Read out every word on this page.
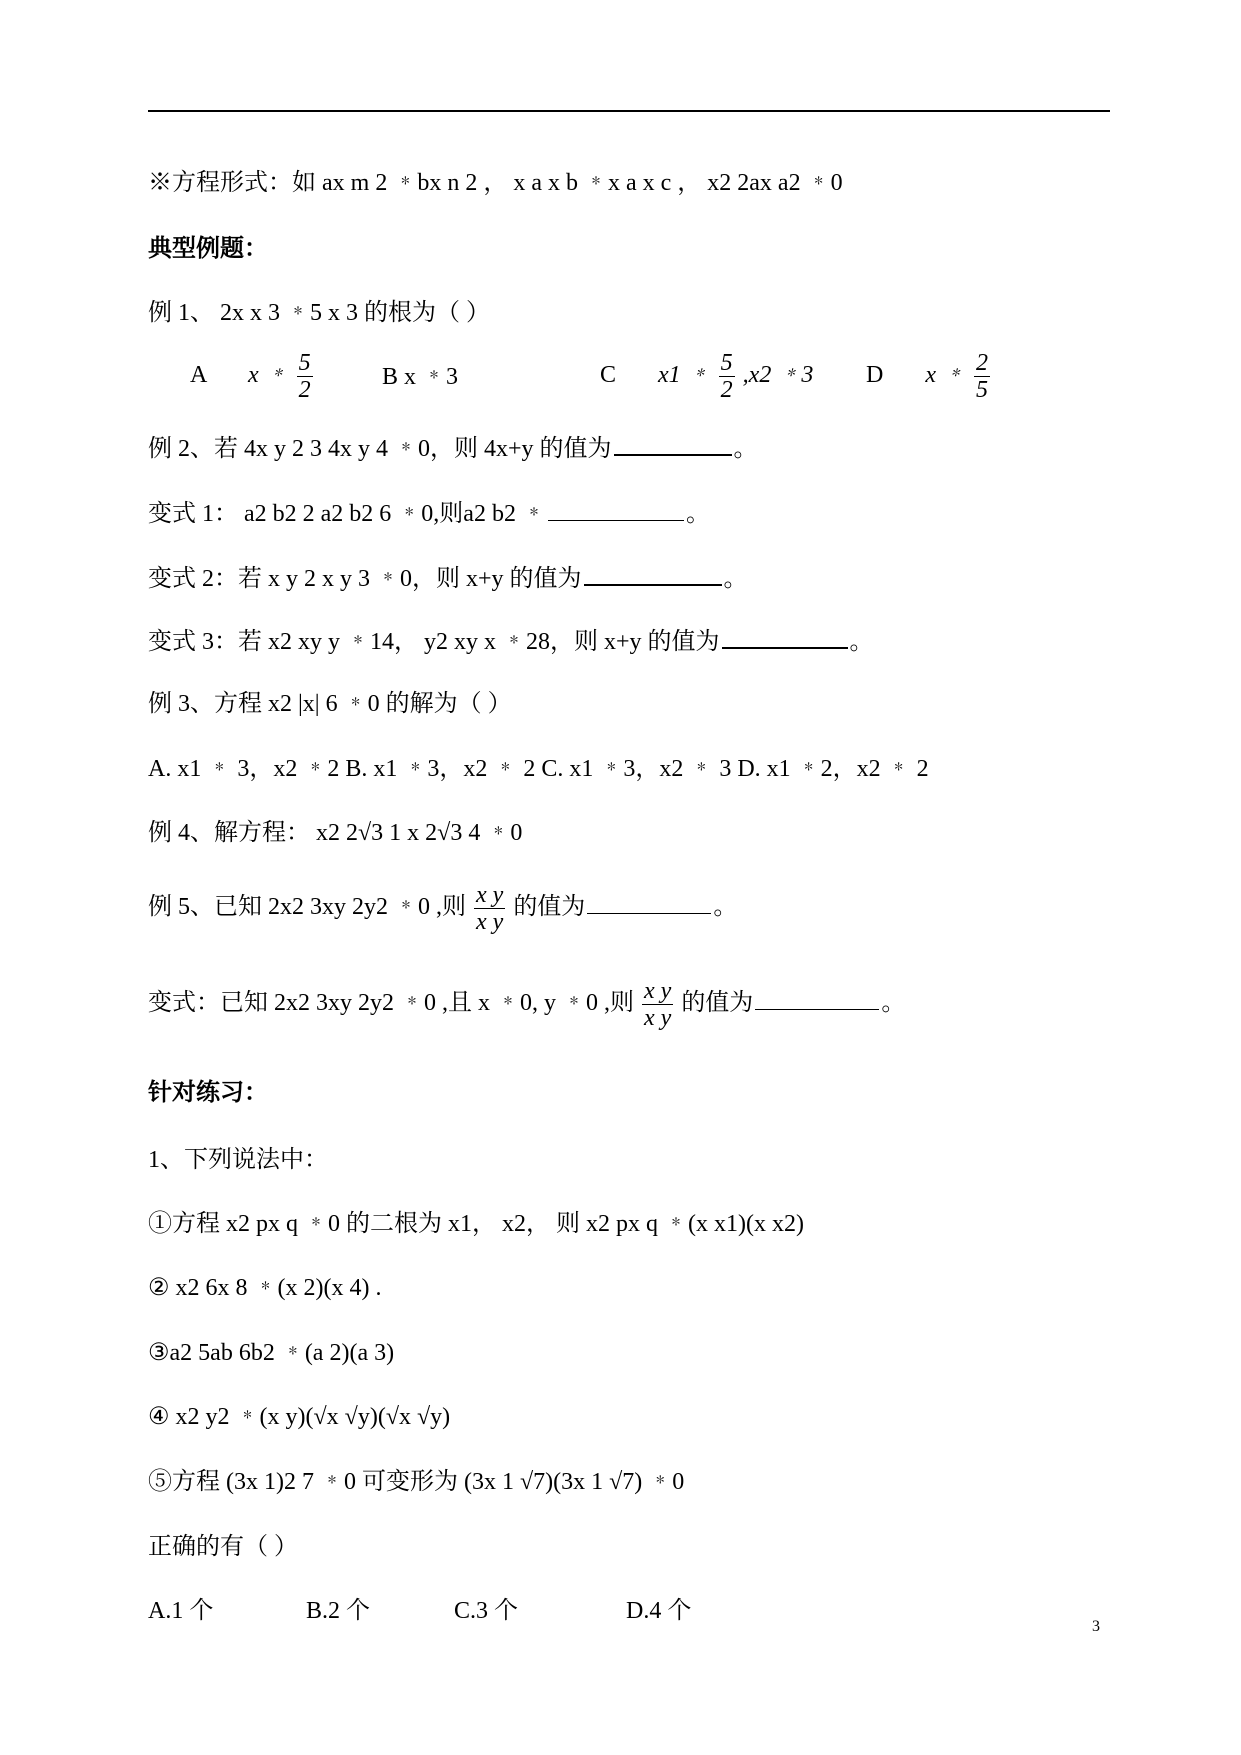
※方程形式：如 ax m 2 ﹡bx n 2 ， x a x b ﹡x a x c ， x2 2ax a2 ﹡0
典型例题：
例 1、 2x x 3 ﹡5 x 3 的根为（ ）
A x ﹡ $\frac{5}{2}$	B x ﹡3	C x1 ﹡ $\frac{5}{2} ,x2$ ﹡3 D x ﹡ $\frac{2}{5}$
例 2、若 4x y 2 3 4x y 4 ﹡0，则 4x+y 的值为	。
变式 1： a2 b2 2 a2 b2 6 ﹡0,则a2 b2 ﹡	。
变式 2：若 x y 2 x y 3 ﹡0，则 x+y 的值为	。
变式 3：若 x2 xy y ﹡14， y2 xy x ﹡28，则 x+y 的值为	。
例 3、方程 x2 |x| 6 ﹡0 的解为（ ）
A. x1 ﹡ 3，x2 ﹡2 B. x1 ﹡3，x2 ﹡ 2 C. x1 ﹡3，x2 ﹡ 3 D. x1 ﹡2，x2 ﹡ 2
例 4、解方程： x2 2√3 1 x 2√3 4 ﹡0
例 5、已知 2x2 3xy 2y2 ﹡0 ,则 $\frac{\text{x y}}{\text{x y}}$ 的值为	。
变式：已知 2x2 3xy 2y2 ﹡0 ,且 x ﹡0, y ﹡0 ,则 $\frac{\text{x y}}{\text{x y}}$ 的值为	。
针对练习：
1、下列说法中：
①方程 x2 px q ﹡0 的二根为 x1， x2， 则 x2 px q ﹡(x x1)(x x2)
② x2 6x 8 ﹡(x 2)(x 4) .
③a2 5ab 6b2 ﹡(a 2)(a 3)
④ x2 y2 ﹡(x y)(√x √y)(√x √y)
⑤方程 (3x 1)2 7 ﹡0 可变形为 (3x 1 √7)(3x 1 √7) ﹡0
正确的有（ ）
A.1 个	B.2 个	C.3 个	D.4 个
3
